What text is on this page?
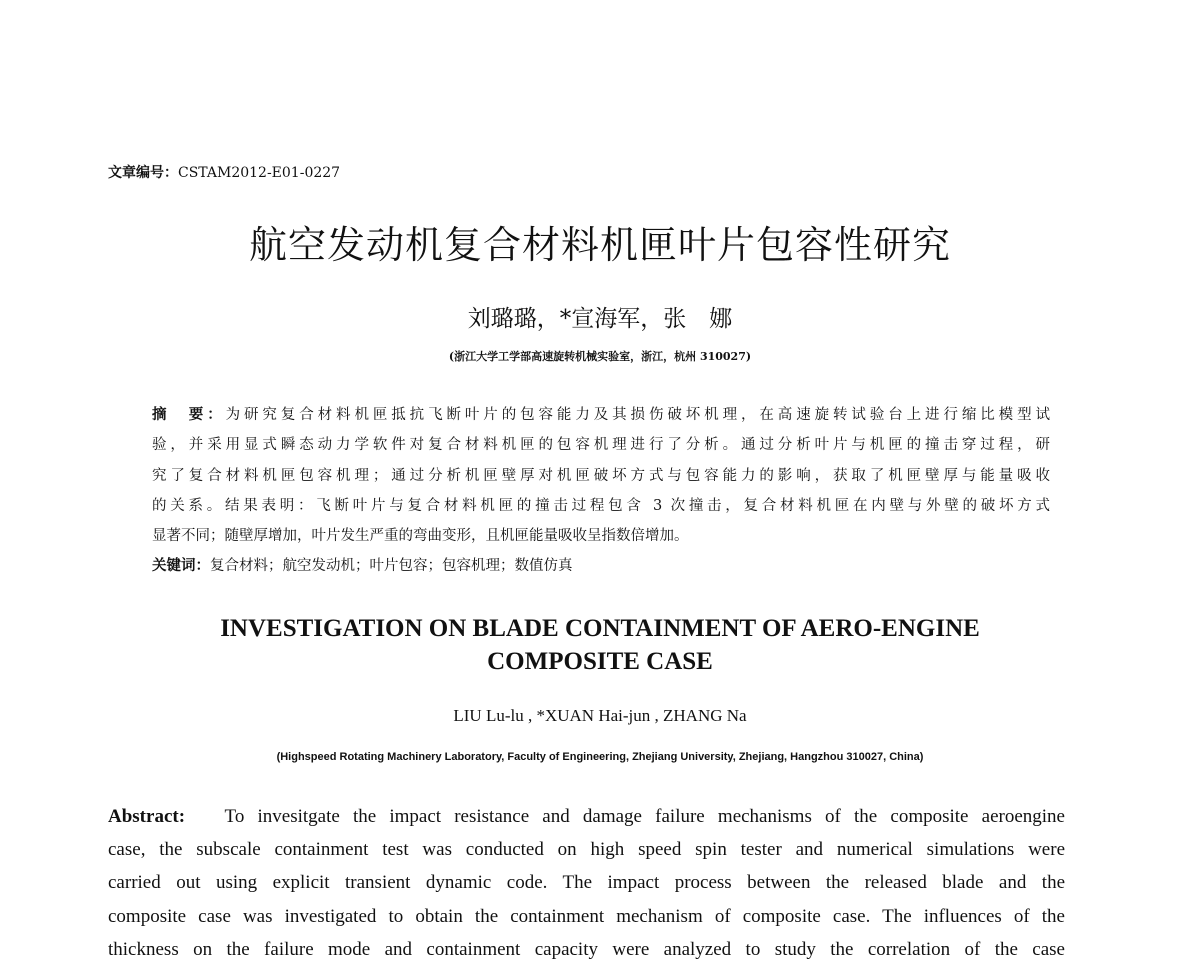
文章编号：CSTAM2012-E01-0227
航空发动机复合材料机匣叶片包容性研究
刘璐璐，*宣海军，张　娜
(浙江大学工学部高速旋转机械实验室，浙江，杭州 310027)
摘　要：为研究复合材料机匣抵抗飞断叶片的包容能力及其损伤破坏机理，在高速旋转试验台上进行缩比模型试
验，并采用显式瞬态动力学软件对复合材料机匣的包容机理进行了分析。通过分析叶片与机匣的撞击穿过程，研
究了复合材料机匣包容机理；通过分析机匣壁厚对机匣破坏方式与包容能力的影响，获取了机匣壁厚与能量吸收
的关系。结果表明：飞断叶片与复合材料机匣的撞击过程包含 3 次撞击，复合材料机匣在内壁与外壁的破坏方式
显著不同；随壁厚增加，叶片发生严重的弯曲变形，且机匣能量吸收呈指数倍增加。
关键词：复合材料；航空发动机；叶片包容；包容机理；数值仿真
INVESTIGATION ON BLADE CONTAINMENT OF AERO-ENGINE
COMPOSITE CASE
LIU Lu-lu , *XUAN Hai-jun , ZHANG Na
(Highspeed Rotating Machinery Laboratory, Faculty of Engineering, Zhejiang University, Zhejiang, Hangzhou 310027, China)
Abstract: To invesitgate the impact resistance and damage failure mechanisms of the composite aeroengine
case, the subscale containment test was conducted on high speed spin tester and numerical simulations were
carried out using explicit transient dynamic code. The impact process between the released blade and the
composite case was investigated to obtain the containment mechanism of composite case. The influences of the
thickness on the failure mode and containment capacity were analyzed to study the correlation of the case
